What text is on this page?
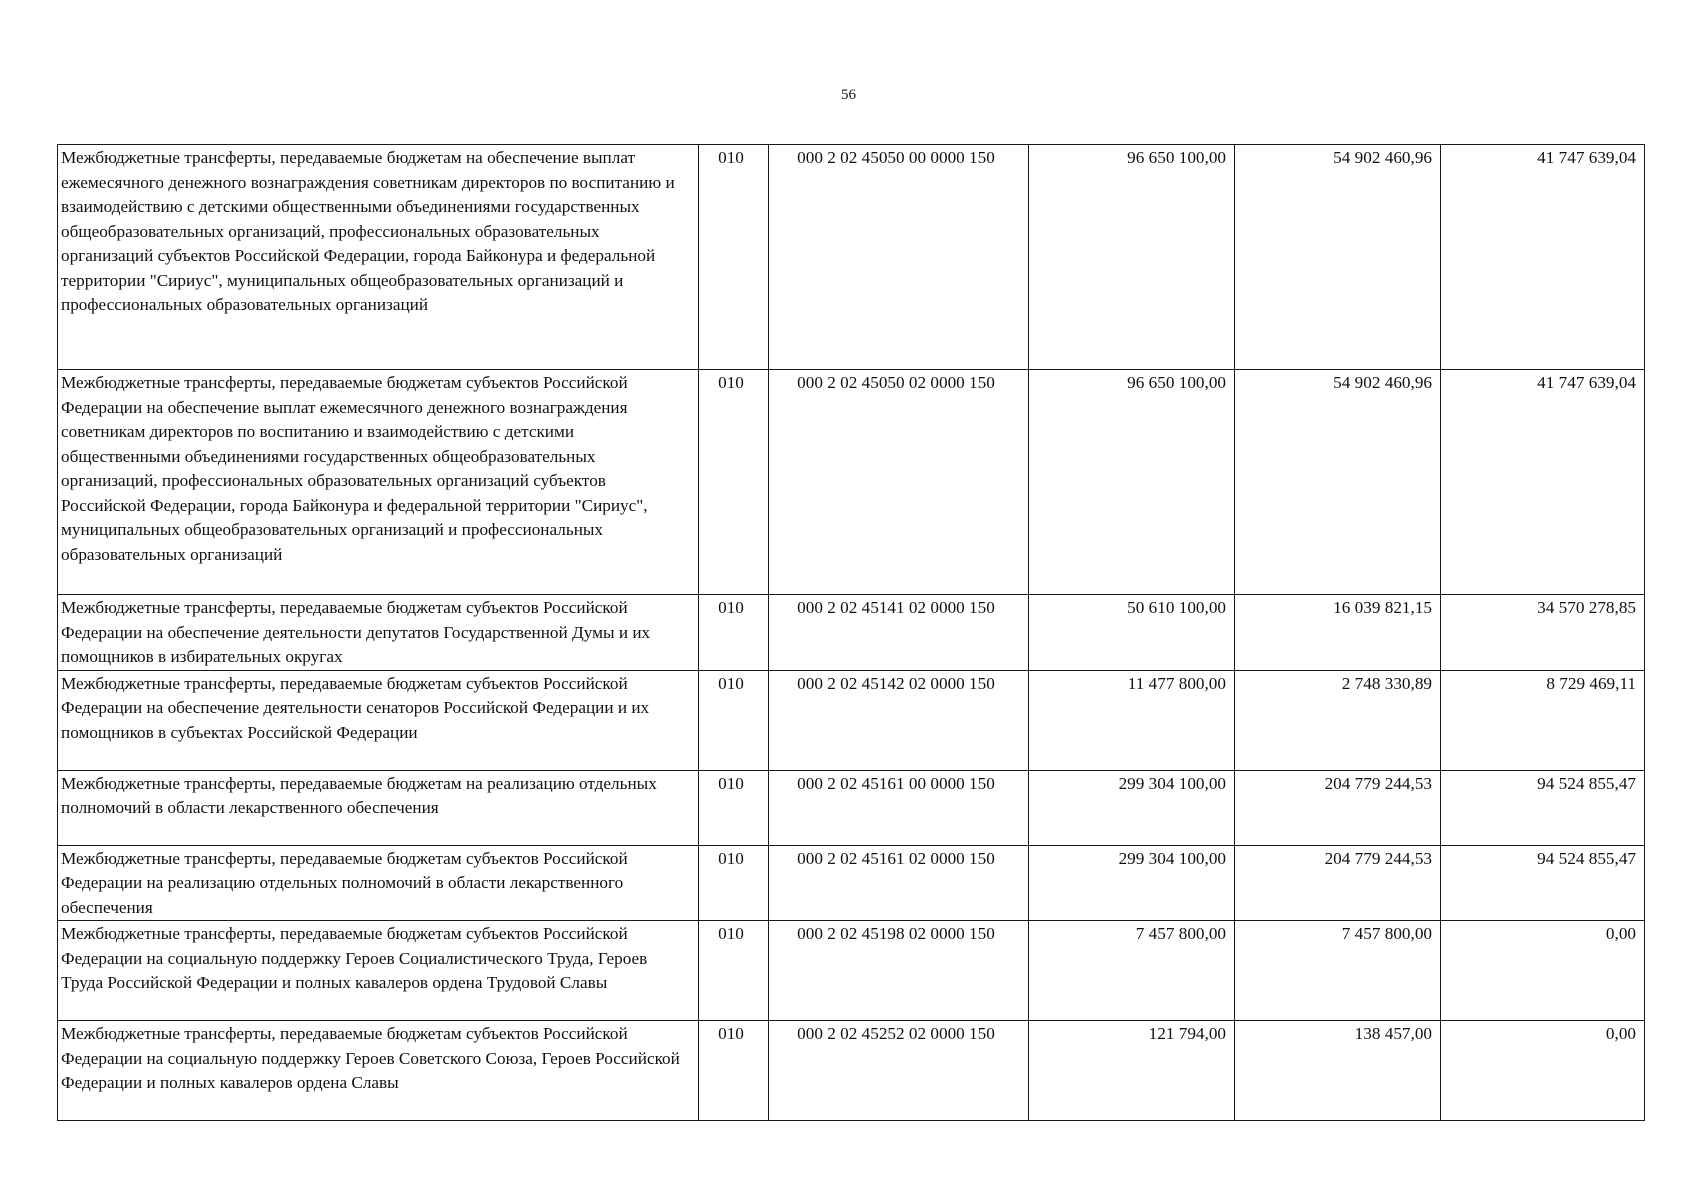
56
Межбюджетные трансферты, передаваемые бюджетам на обеспечение выплат ежемесячного денежного вознаграждения советникам директоров по воспитанию и взаимодействию с детскими общественными объединениями государственных общеобразовательных организаций, профессиональных образовательных организаций субъектов Российской Федерации, города Байконура и федеральной территории "Сириус", муниципальных общеобразовательных организаций и профессиональных образовательных организаций	010	000 2 02 45050 00 0000 150	96 650 100,00	54 902 460,96	41 747 639,04
Межбюджетные трансферты, передаваемые бюджетам субъектов Российской Федерации на обеспечение выплат ежемесячного денежного вознаграждения советникам директоров по воспитанию и взаимодействию с детскими общественными объединениями государственных общеобразовательных организаций, профессиональных образовательных организаций субъектов Российской Федерации, города Байконура и федеральной территории "Сириус", муниципальных общеобразовательных организаций и профессиональных образовательных организаций	010	000 2 02 45050 02 0000 150	96 650 100,00	54 902 460,96	41 747 639,04
Межбюджетные трансферты, передаваемые бюджетам субъектов Российской Федерации на обеспечение деятельности депутатов Государственной Думы и их помощников в избирательных округах	010	000 2 02 45141 02 0000 150	50 610 100,00	16 039 821,15	34 570 278,85
Межбюджетные трансферты, передаваемые бюджетам субъектов Российской Федерации на обеспечение деятельности сенаторов Российской Федерации и их помощников в субъектах Российской Федерации	010	000 2 02 45142 02 0000 150	11 477 800,00	2 748 330,89	8 729 469,11
Межбюджетные трансферты, передаваемые бюджетам на реализацию отдельных полномочий в области лекарственного обеспечения	010	000 2 02 45161 00 0000 150	299 304 100,00	204 779 244,53	94 524 855,47
Межбюджетные трансферты, передаваемые бюджетам субъектов Российской Федерации на реализацию отдельных полномочий в области лекарственного обеспечения	010	000 2 02 45161 02 0000 150	299 304 100,00	204 779 244,53	94 524 855,47
Межбюджетные трансферты, передаваемые бюджетам субъектов Российской Федерации на социальную поддержку Героев Социалистического Труда, Героев Труда Российской Федерации и полных кавалеров ордена Трудовой Славы	010	000 2 02 45198 02 0000 150	7 457 800,00	7 457 800,00	0,00
Межбюджетные трансферты, передаваемые бюджетам субъектов Российской Федерации на социальную поддержку Героев Советского Союза, Героев Российской Федерации и полных кавалеров ордена Славы	010	000 2 02 45252 02 0000 150	121 794,00	138 457,00	0,00
